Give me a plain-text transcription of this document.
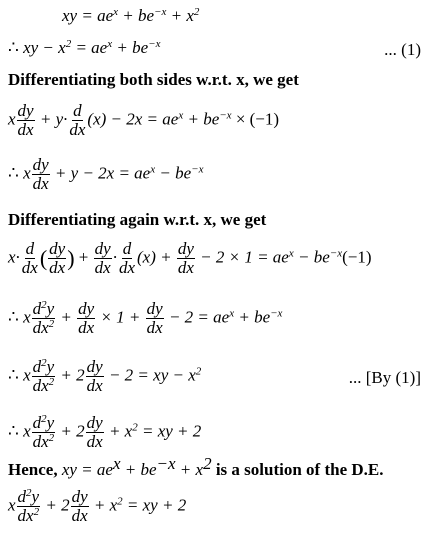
xy = $ae^x + be^{-x} + x^2$
∴ xy − $x^2 = ae^x + be^{-x}$	... (1)
Differentiating both sides w.r.t. x, we get
x $\frac{dy}{dx} + y\cdot \frac{d}{dx} (x) - 2x = ae^x + be^{-x} \times (-1)$
∴ x $\frac{dy}{dx} + y - 2x = ae^x - be^{-x}$
Differentiating again w.r.t. x, we get
$x\cdot \frac{d}{dx}$ ( $\frac{dy}{dx}$ ) + $\frac{dy}{dx} \cdot \frac{d}{dx} (x) + \frac{dy}{dx} - 2 \times 1 = ae^x - be^{-x}(-1)$
∴ x $\frac{d^2y}{dx^2} + \frac{dy}{dx} \times 1 + \frac{dy}{dx} - 2 = ae^x + be^{-x}$
∴ x $\frac{d^2y}{dx^2} + 2 \frac{dy}{dx} - 2$ = xy − $x^2$	... [By (1)]
∴ x $\frac{d^2y}{dx^2} + 2 \frac{dy}{dx} + x^2$ = xy + 2
Hence, xy = $ae^x + be^{-x} + x^2$ is a solution of the D.E.
x $\frac{d^2y}{dx^2} + 2 \frac{dy}{dx} + x^2$ = xy + 2
